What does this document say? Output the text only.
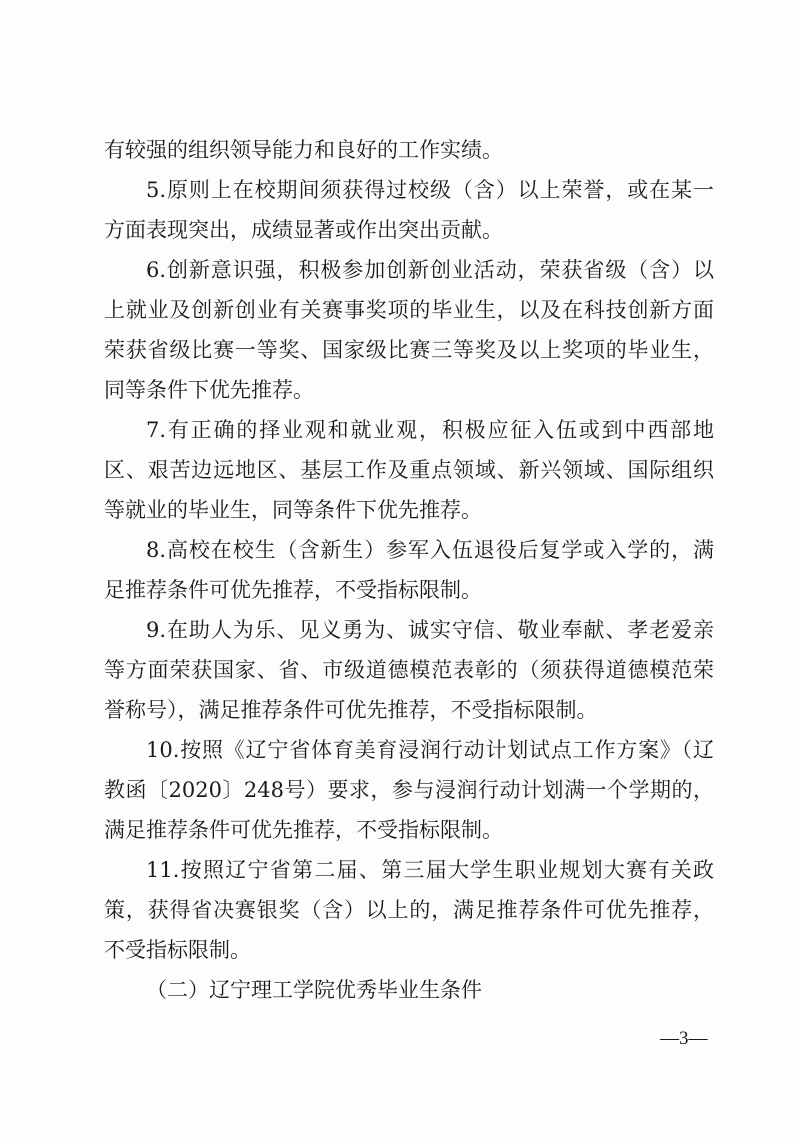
有较强的组织领导能力和良好的工作实绩。
5.原则上在校期间须获得过校级（含）以上荣誉，或在某一
方面表现突出，成绩显著或作出突出贡献。
6.创新意识强，积极参加创新创业活动，荣获省级（含）以
上就业及创新创业有关赛事奖项的毕业生，以及在科技创新方面
荣获省级比赛一等奖、国家级比赛三等奖及以上奖项的毕业生，
同等条件下优先推荐。
7.有正确的择业观和就业观，积极应征入伍或到中西部地
区、艰苦边远地区、基层工作及重点领域、新兴领域、国际组织
等就业的毕业生，同等条件下优先推荐。
8.高校在校生（含新生）参军入伍退役后复学或入学的，满
足推荐条件可优先推荐，不受指标限制。
9.在助人为乐、见义勇为、诚实守信、敬业奉献、孝老爱亲
等方面荣获国家、省、市级道德模范表彰的（须获得道德模范荣
誉称号），满足推荐条件可优先推荐，不受指标限制。
10.按照《辽宁省体育美育浸润行动计划试点工作方案》（辽
教函〔2020〕248号）要求，参与浸润行动计划满一个学期的，
满足推荐条件可优先推荐，不受指标限制。
11.按照辽宁省第二届、第三届大学生职业规划大赛有关政
策，获得省决赛银奖（含）以上的，满足推荐条件可优先推荐，
不受指标限制。
（二）辽宁理工学院优秀毕业生条件
—3—
